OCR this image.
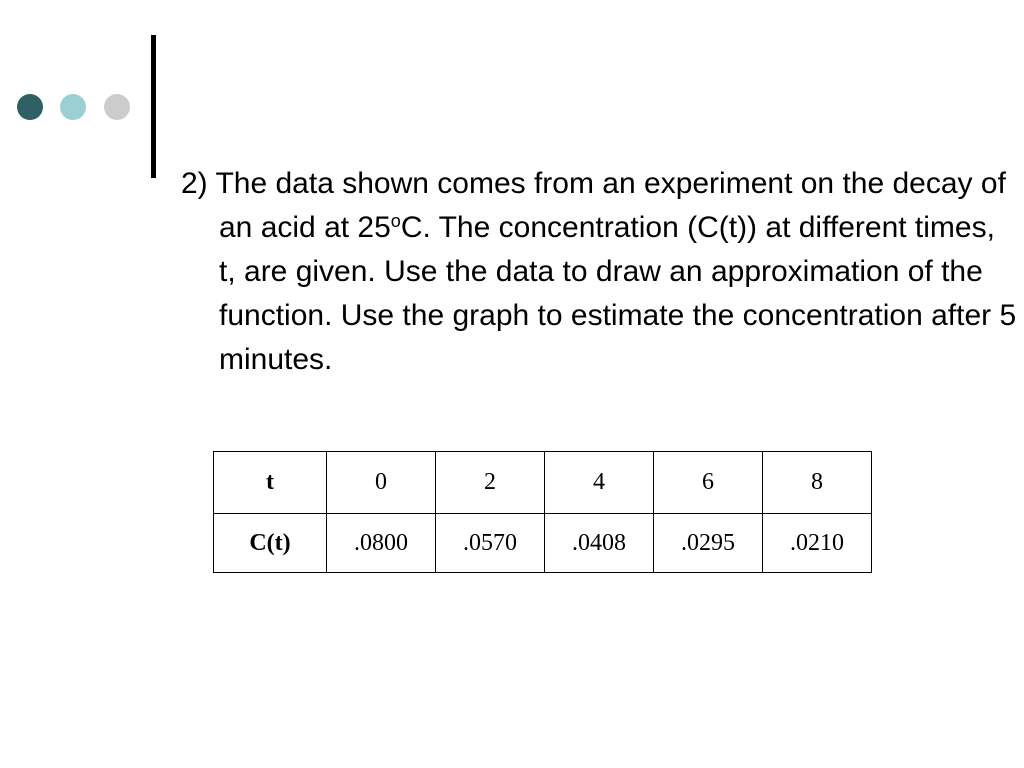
2) The data shown comes from an experiment on the decay of an acid at 25$^o$C. The concentration (C(t)) at different times, t, are given. Use the data to draw an approximation of the function. Use the graph to estimate the concentration after 5 minutes.

t	0	2	4	6	8
C(t)	.0800	.0570	.0408	.0295	.0210
